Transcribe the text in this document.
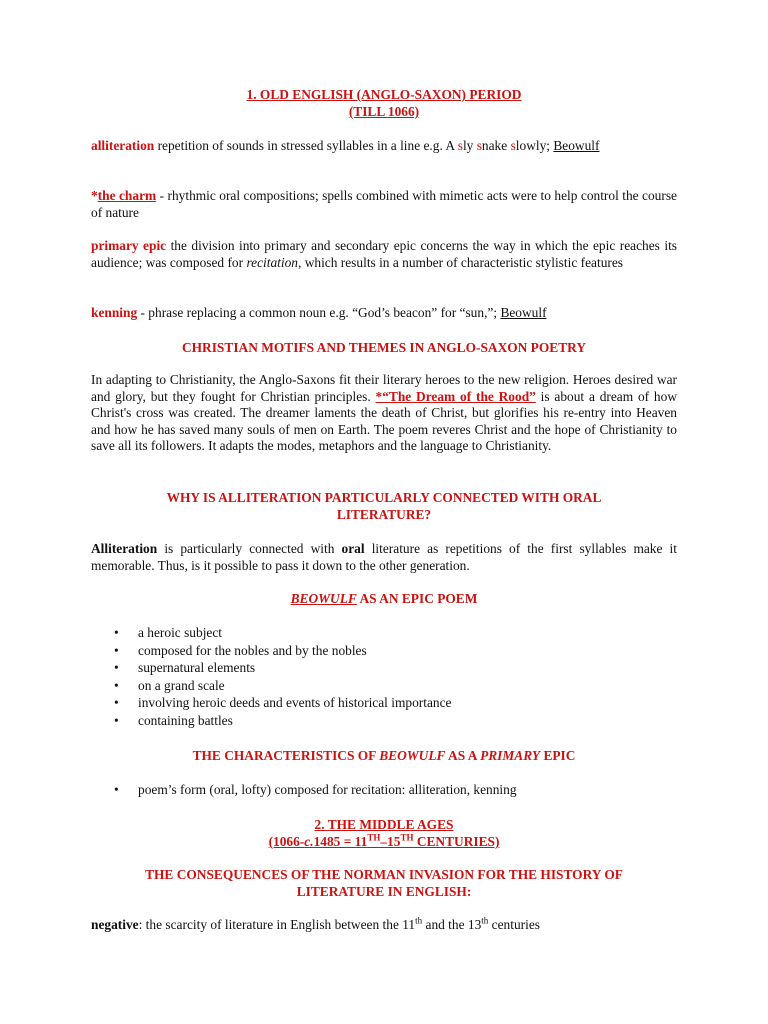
1. OLD ENGLISH (ANGLO-SAXON) PERIOD
(TILL 1066)
alliteration repetition of sounds in stressed syllables in a line e.g. A sly snake slowly; Beowulf
*the charm - rhythmic oral compositions; spells combined with mimetic acts were to help control the course of nature
primary epic the division into primary and secondary epic concerns the way in which the epic reaches its audience; was composed for recitation, which results in a number of characteristic stylistic features
kenning - phrase replacing a common noun e.g. “God’s beacon” for “sun,”; Beowulf
CHRISTIAN MOTIFS AND THEMES IN ANGLO-SAXON POETRY
In adapting to Christianity, the Anglo-Saxons fit their literary heroes to the new religion. Heroes desired war and glory, but they fought for Christian principles. *“The Dream of the Rood” is about a dream of how Christ's cross was created. The dreamer laments the death of Christ, but glorifies his re-entry into Heaven and how he has saved many souls of men on Earth. The poem reveres Christ and the hope of Christianity to save all its followers. It adapts the modes, metaphors and the language to Christianity.
WHY IS ALLITERATION PARTICULARLY CONNECTED WITH ORAL
LITERATURE?
Alliteration is particularly connected with oral literature as repetitions of the first syllables make it memorable. Thus, is it possible to pass it down to the other generation.
BEOWULF AS AN EPIC POEM
• a heroic subject
• composed for the nobles and by the nobles
• supernatural elements
• on a grand scale
• involving heroic deeds and events of historical importance
• containing battles
THE CHARACTERISTICS OF BEOWULF AS A PRIMARY EPIC
• poem’s form (oral, lofty) composed for recitation: alliteration, kenning
2. THE MIDDLE AGES
(1066-c.1485 = 11TH–15TH CENTURIES)
THE CONSEQUENCES OF THE NORMAN INVASION FOR THE HISTORY OF
LITERATURE IN ENGLISH:
negative: the scarcity of literature in English between the 11th and the 13th centuries
